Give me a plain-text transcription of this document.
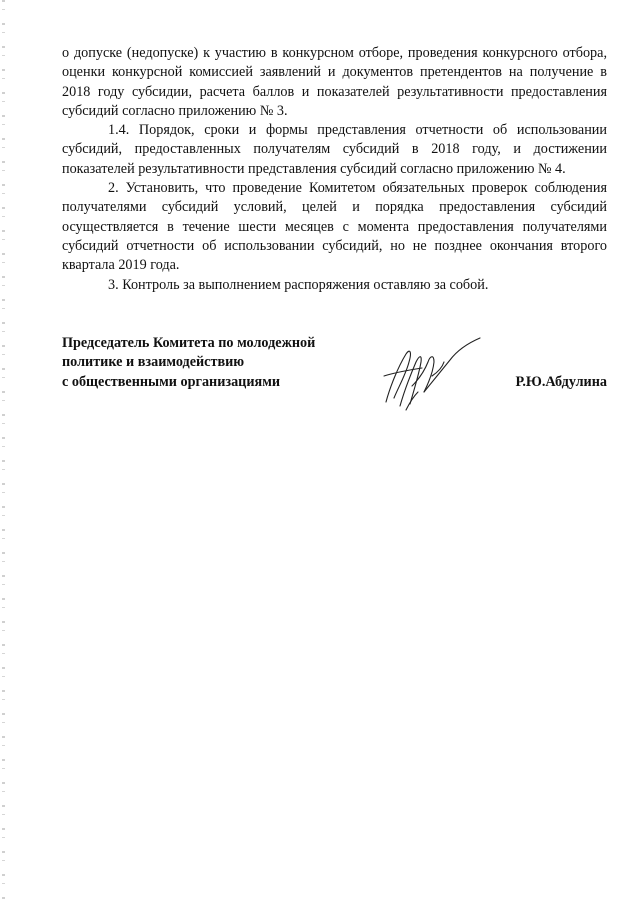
о допуске (недопуске) к участию в конкурсном отборе, проведения конкурсного отбора, оценки конкурсной комиссией заявлений и документов претендентов на получение в 2018 году субсидии, расчета баллов и показателей результативности предоставления субсидий согласно приложению № 3.

1.4. Порядок, сроки и формы представления отчетности об использовании субсидий, предоставленных получателям субсидий в 2018 году, и достижении показателей результативности представления субсидий согласно приложению № 4.

2. Установить, что проведение Комитетом обязательных проверок соблюдения получателями субсидий условий, целей и порядка предоставления субсидий осуществляется в течение шести месяцев с момента предоставления получателями субсидий отчетности об использовании субсидий, но не позднее окончания второго квартала 2019 года.

3. Контроль за выполнением распоряжения оставляю за собой.

Председатель Комитета по молодежной
политике и взаимодействию
с общественными организациями	Р.Ю.Абдулина
